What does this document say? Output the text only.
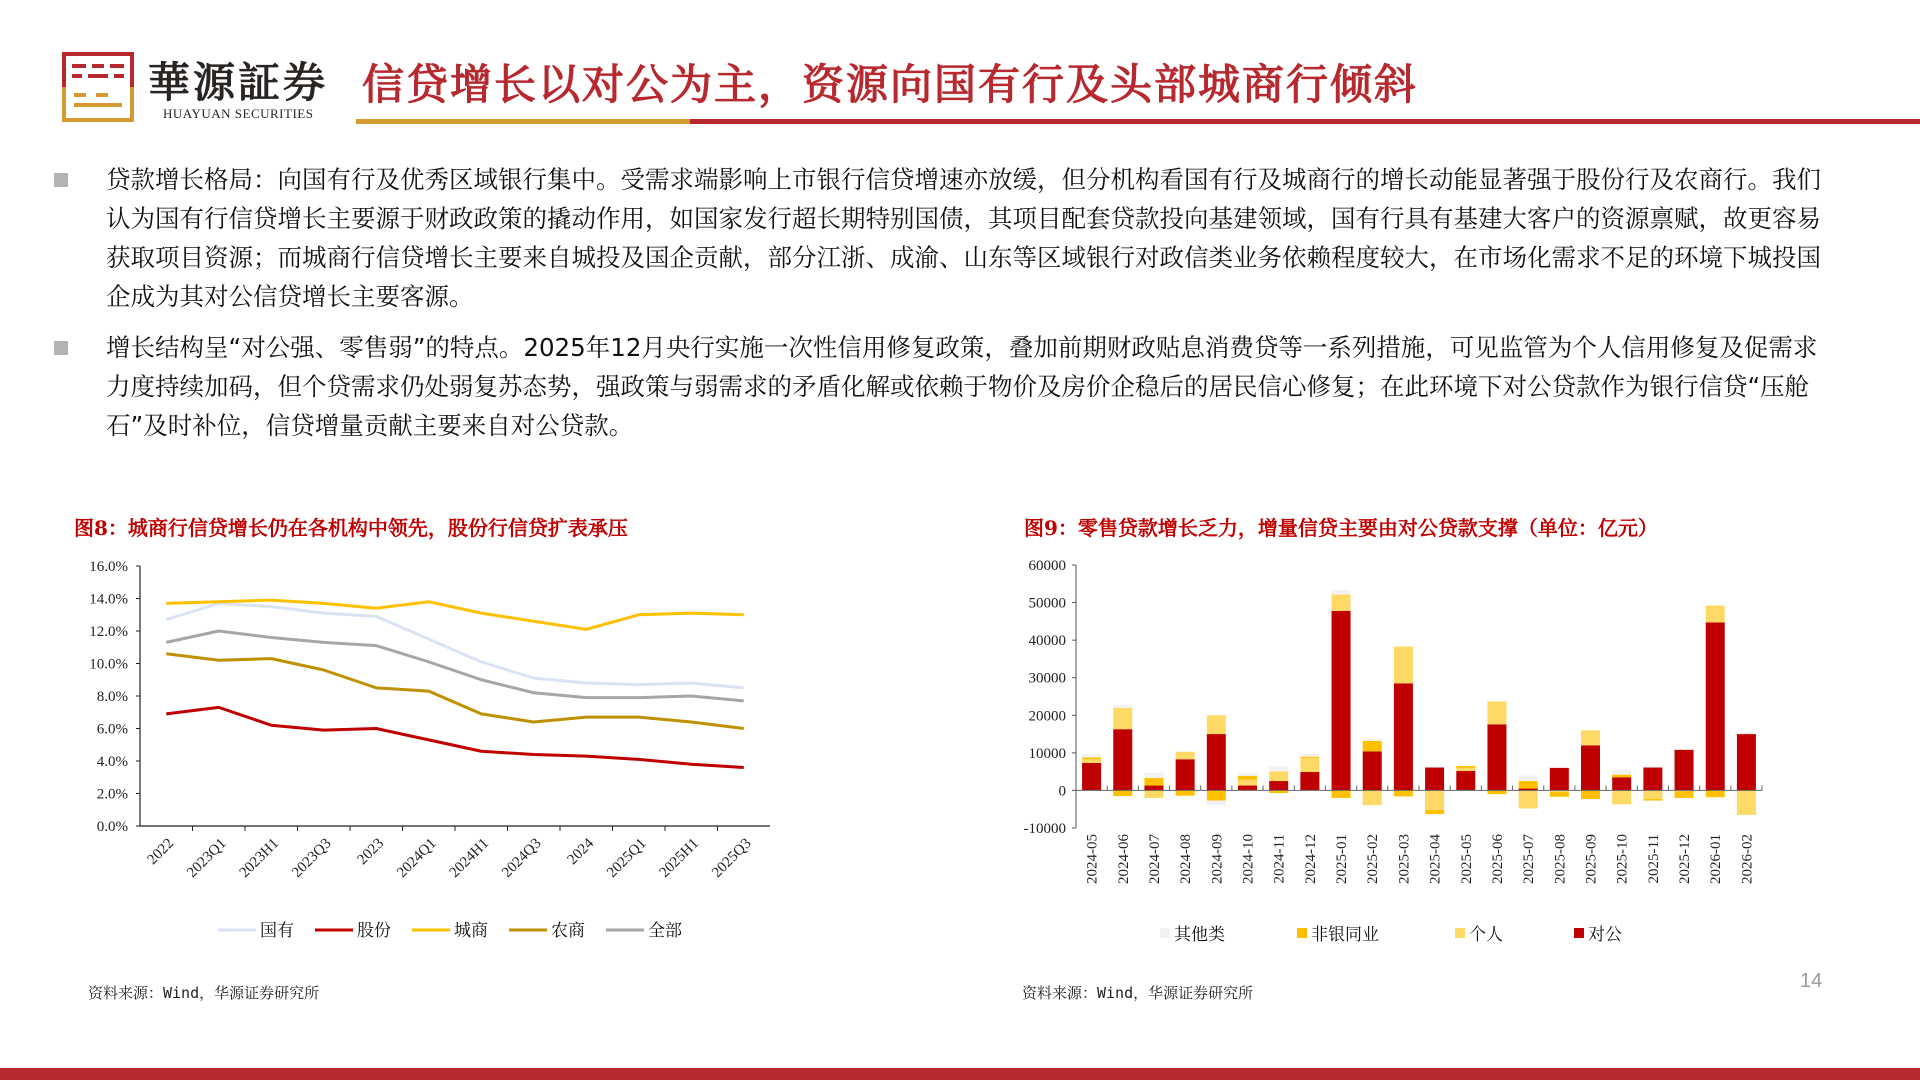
華源証券
HUAYUAN SECURITIES
信贷增长以对公为主，资源向国有行及头部城商行倾斜
贷款增长格局：向国有行及优秀区域银行集中。受需求端影响上市银行信贷增速亦放缓，但分机构看国有行及城商行的增长动能显著强于股份行及农商行。我们认为国有行信贷增长主要源于财政政策的撬动作用，如国家发行超长期特别国债，其项目配套贷款投向基建领域，国有行具有基建大客户的资源禀赋，故更容易获取项目资源；而城商行信贷增长主要来自城投及国企贡献，部分江浙、成渝、山东等区域银行对政信类业务依赖程度较大，在市场化需求不足的环境下城投国企成为其对公信贷增长主要客源。
增长结构呈“对公强、零售弱”的特点。2025年12月央行实施一次性信用修复政策，叠加前期财政贴息消费贷等一系列措施，可见监管为个人信用修复及促需求力度持续加码，但个贷需求仍处弱复苏态势，强政策与弱需求的矛盾化解或依赖于物价及房价企稳后的居民信心修复；在此环境下对公贷款作为银行信贷“压舱石”及时补位，信贷增量贡献主要来自对公贷款。
图8：城商行信贷增长仍在各机构中领先，股份行信贷扩表承压	图9：零售贷款增长乏力，增量信贷主要由对公贷款支撑（单位：亿元）
0.0%
2.0%
4.0%
6.0%
8.0%
10.0%
12.0%
14.0%
16.0%
2022 2023Q1 2023H1 2023Q3 2023 2024Q1 2024H1 2024Q3 2024 2025Q1 2025H1 2025Q3
国有	股份	城商	农商	全部
-10000
0
10000
20000
30000
40000
50000
60000
2024-05 2024-06 2024-07 2024-08 2024-09 2024-10 2024-11 2024-12 2025-01 2025-02 2025-03 2025-04 2025-05 2025-06 2025-07 2025-08 2025-09 2025-10 2025-11 2025-12 2026-01 2026-02
其他类	非银同业	个人	对公
资料来源：Wind，华源证券研究所	资料来源：Wind，华源证券研究所
14
